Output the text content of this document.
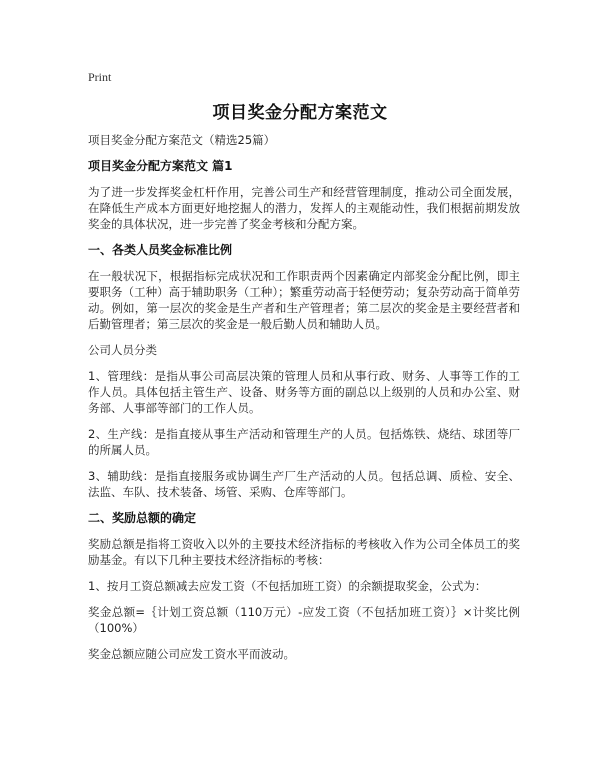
Print
项目奖金分配方案范文

项目奖金分配方案范文（精选25篇）

项目奖金分配方案范文 篇1

为了进一步发挥奖金杠杆作用，完善公司生产和经营管理制度，推动公司全面发展，在降低生产成本方面更好地挖掘人的潜力，发挥人的主观能动性，我们根据前期发放奖金的具体状况，进一步完善了奖金考核和分配方案。

一、各类人员奖金标准比例

在一般状况下，根据指标完成状况和工作职责两个因素确定内部奖金分配比例，即主要职务（工种）高于辅助职务（工种）；繁重劳动高于轻便劳动；复杂劳动高于简单劳动。例如，第一层次的奖金是生产者和生产管理者；第二层次的奖金是主要经营者和后勤管理者；第三层次的奖金是一般后勤人员和辅助人员。

公司人员分类

1、管理线：是指从事公司高层决策的管理人员和从事行政、财务、人事等工作的工作人员。具体包括主管生产、设备、财务等方面的副总以上级别的人员和办公室、财务部、人事部等部门的工作人员。

2、生产线：是指直接从事生产活动和管理生产的人员。包括炼铁、烧结、球团等厂的所属人员。

3、辅助线：是指直接服务或协调生产厂生产活动的人员。包括总调、质检、安全、法监、车队、技术装备、场管、采购、仓库等部门。

二、奖励总额的确定

奖励总额是指将工资收入以外的主要技术经济指标的考核收入作为公司全体员工的奖励基金。有以下几种主要技术经济指标的考核：

1、按月工资总额减去应发工资（不包括加班工资）的余额提取奖金，公式为：

奖金总额=｛计划工资总额（110万元）-应发工资（不包括加班工资）｝×计奖比例（100%）

奖金总额应随公司应发工资水平而波动。
